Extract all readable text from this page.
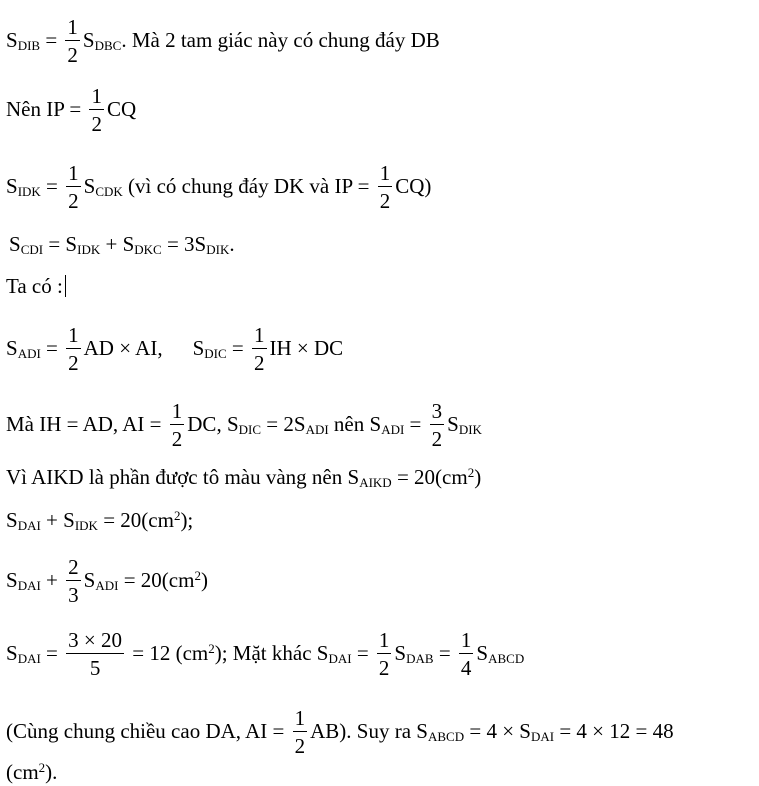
$S_{DIB} = \frac{1}{2} S_{DBC}$. Mà 2 tam giác này có chung đáy DB
Nên IP = $\frac{1}{2}$ CQ
$S_{IDK} = \frac{1}{2} S_{CDK}$ (vì có chung đáy DK và IP = $\frac{1}{2} CQ$)
$S_{CDI} = S_{IDK} + S_{DKC} = 3S_{DIK}$.
Ta có :
$S_{ADI} = \frac{1}{2}$ AD × AI, $S_{DIC} = \frac{1}{2}$ IH × DC
Mà IH = AD, AI = $\frac{1}{2}$ DC, $S_{DIC} = 2S_{ADI}$ nên $S_{ADI} = \frac{3}{2} S_{DIK}$
Vì AIKD là phần được tô màu vàng nên $S_{AIKD} = 20(cm^2)$
$S_{DAI} + S_{IDK} = 20(cm^2)$;
$S_{DAI} + \frac{2}{3} S_{ADI} = 20(cm^2)$
$S_{DAI} = \frac{3 \times 20}{5} = 12$ $(cm^2)$; Mặt khác $S_{DAI} = \frac{1}{2} S_{DAB} = \frac{1}{4} S_{ABCD}$
(Cùng chung chiều cao DA, AI = $\frac{1}{2} AB$). Suy ra $S_{ABCD} = 4 \times S_{DAI} = 4 \times 12 = 48$
$(cm^2)$.
